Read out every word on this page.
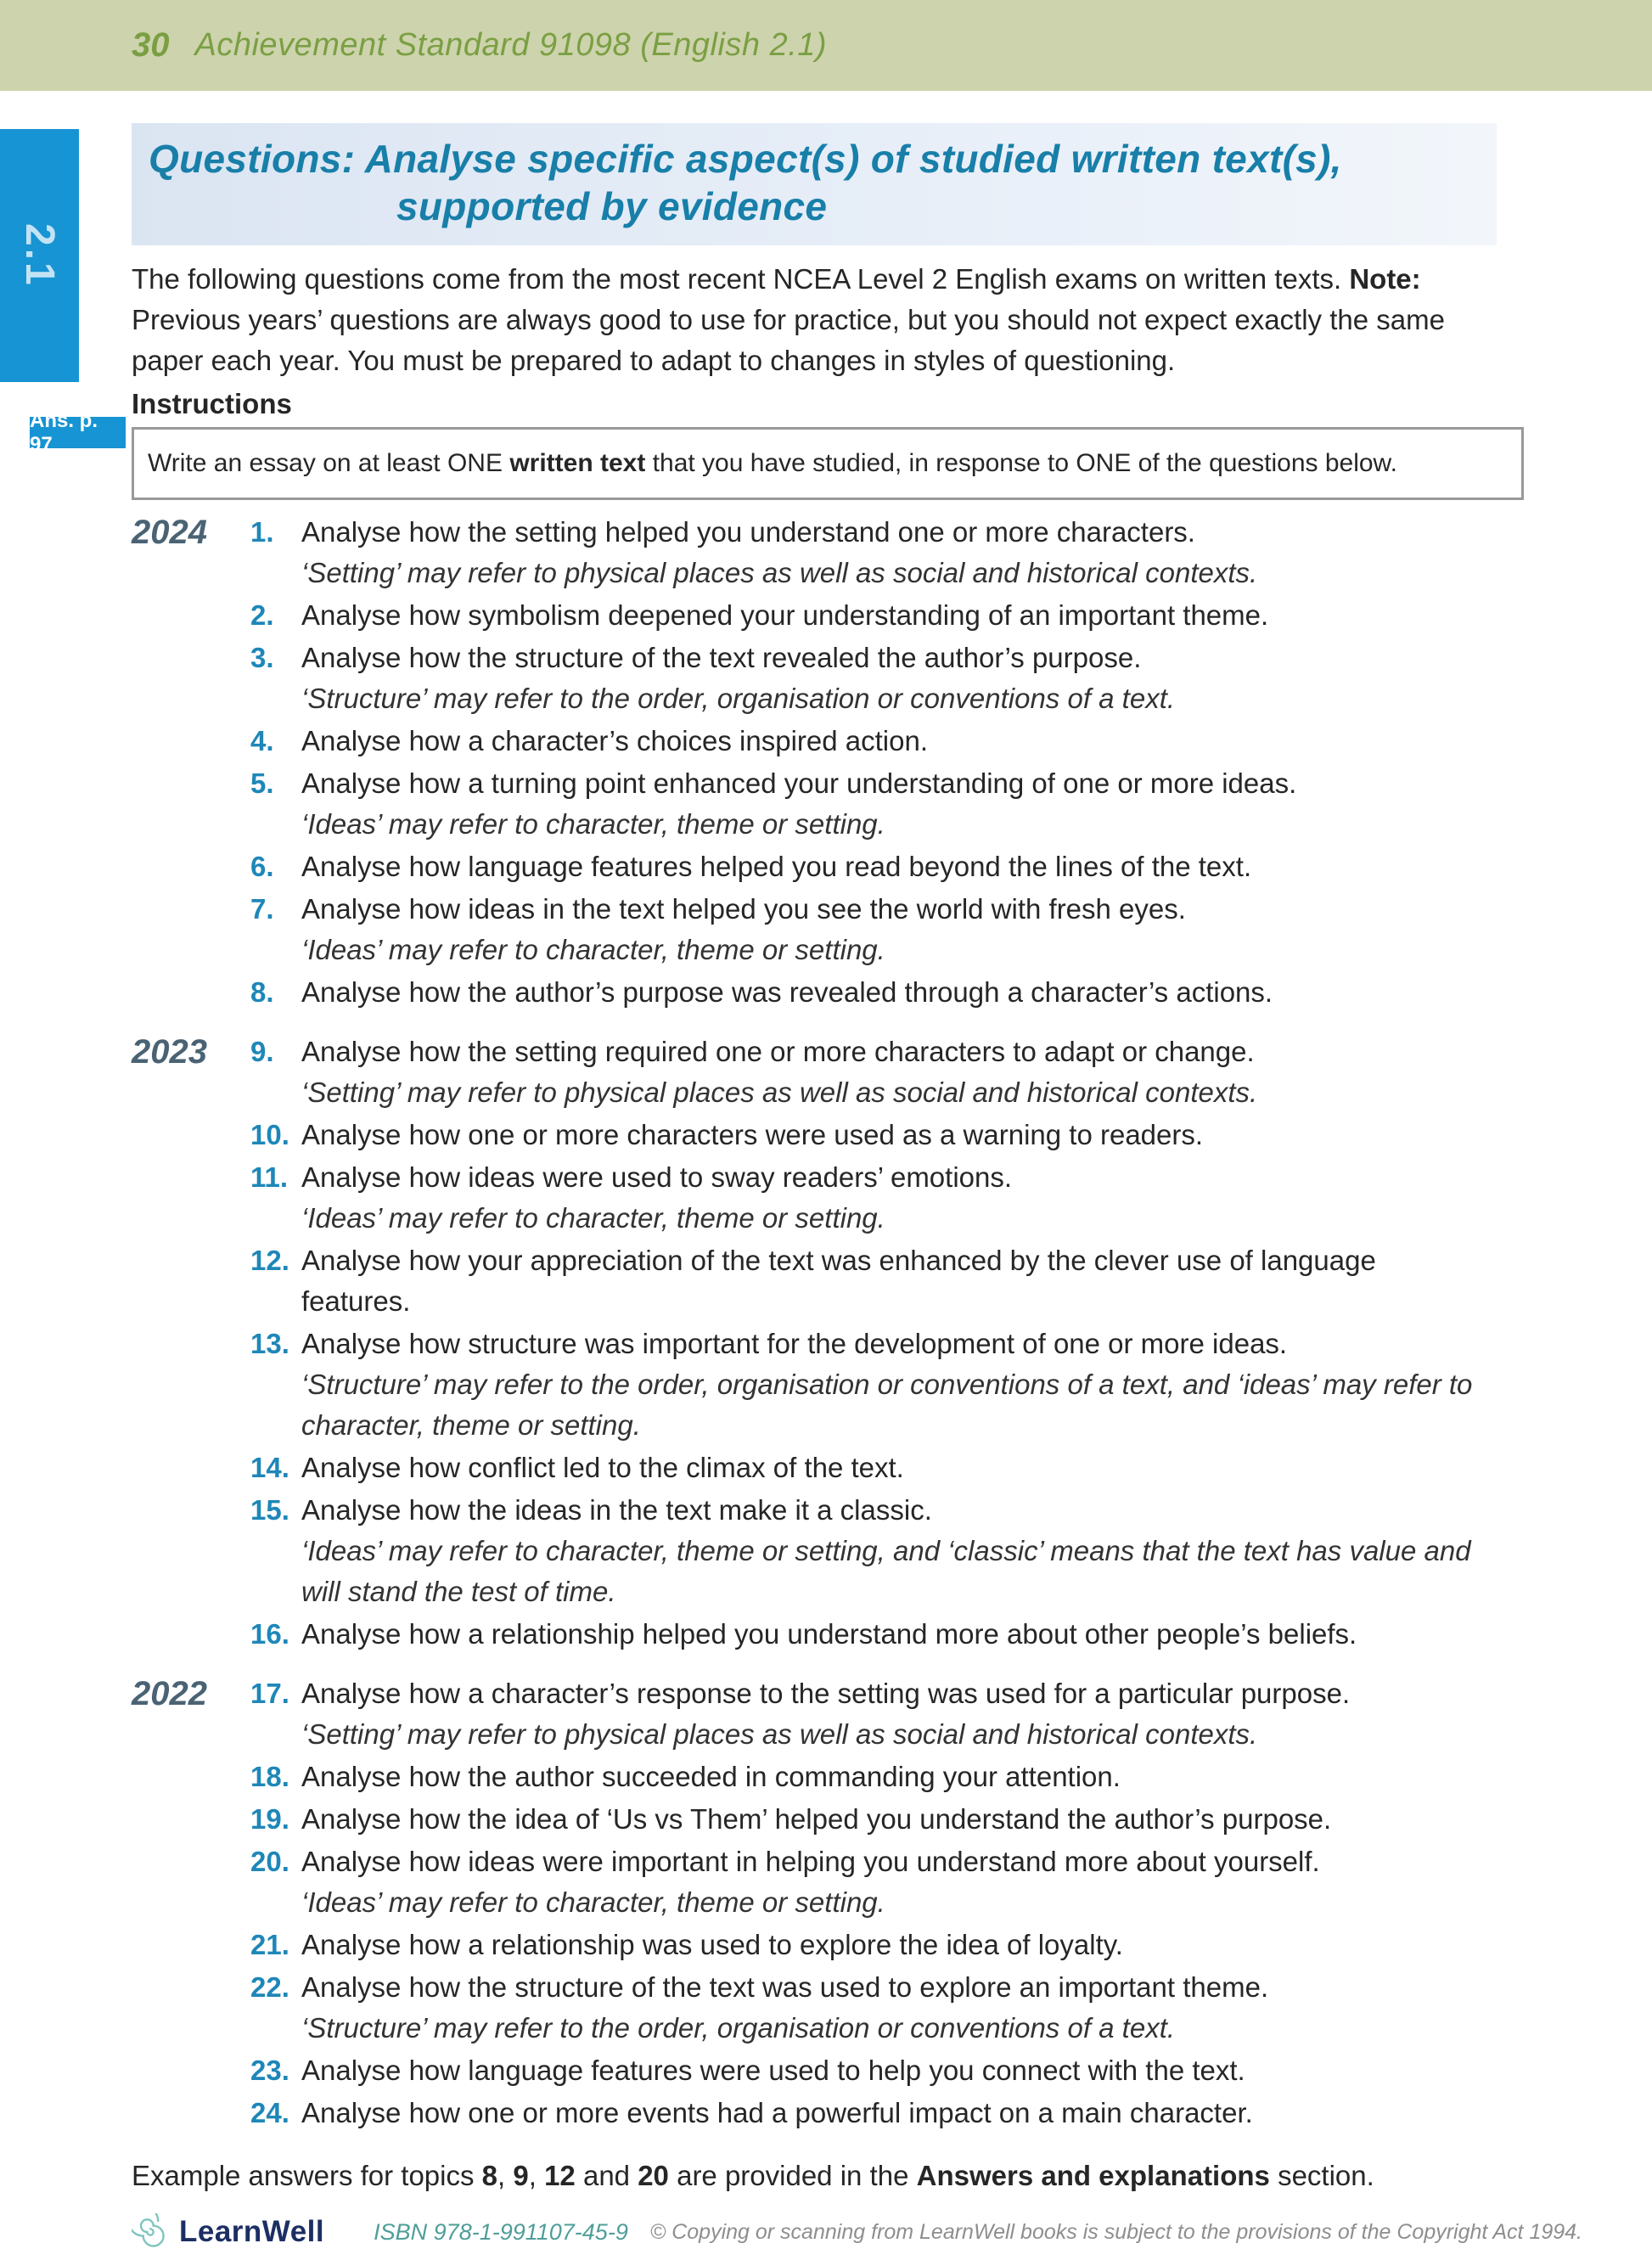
30 Achievement Standard 91098 (English 2.1)
2.1
Questions: Analyse specific aspect(s) of studied written text(s),
supported by evidence

The following questions come from the most recent NCEA Level 2 English exams on written texts. Note: Previous years’ questions are always good to use for practice, but you should not expect exactly the same paper each year. You must be prepared to adapt to changes in styles of questioning.

Instructions
Ans. p. 97
Write an essay on at least ONE written text that you have studied, in response to ONE of the questions below.
2024	1. Analyse how the setting helped you understand one or more characters.
‘Setting’ may refer to physical places as well as social and historical contexts.
2. Analyse how symbolism deepened your understanding of an important theme.
3. Analyse how the structure of the text revealed the author’s purpose.
‘Structure’ may refer to the order, organisation or conventions of a text.
4. Analyse how a character’s choices inspired action.
5. Analyse how a turning point enhanced your understanding of one or more ideas.
‘Ideas’ may refer to character, theme or setting.
6. Analyse how language features helped you read beyond the lines of the text.
7. Analyse how ideas in the text helped you see the world with fresh eyes.
‘Ideas’ may refer to character, theme or setting.
8. Analyse how the author’s purpose was revealed through a character’s actions.
2023	9. Analyse how the setting required one or more characters to adapt or change.
‘Setting’ may refer to physical places as well as social and historical contexts.
10. Analyse how one or more characters were used as a warning to readers.
11. Analyse how ideas were used to sway readers’ emotions.
‘Ideas’ may refer to character, theme or setting.
12. Analyse how your appreciation of the text was enhanced by the clever use of language features.
13. Analyse how structure was important for the development of one or more ideas.
‘Structure’ may refer to the order, organisation or conventions of a text, and ‘ideas’ may refer to character, theme or setting.
14. Analyse how conflict led to the climax of the text.
15. Analyse how the ideas in the text make it a classic.
‘Ideas’ may refer to character, theme or setting, and ‘classic’ means that the text has value and will stand the test of time.
16. Analyse how a relationship helped you understand more about other people’s beliefs.
2022	17. Analyse how a character’s response to the setting was used for a particular purpose.
‘Setting’ may refer to physical places as well as social and historical contexts.
18. Analyse how the author succeeded in commanding your attention.
19. Analyse how the idea of ‘Us vs Them’ helped you understand the author’s purpose.
20. Analyse how ideas were important in helping you understand more about yourself.
‘Ideas’ may refer to character, theme or setting.
21. Analyse how a relationship was used to explore the idea of loyalty.
22. Analyse how the structure of the text was used to explore an important theme.
‘Structure’ may refer to the order, organisation or conventions of a text.
23. Analyse how language features were used to help you connect with the text.
24. Analyse how one or more events had a powerful impact on a main character.

Example answers for topics 8, 9, 12 and 20 are provided in the Answers and explanations section.

LearnWell ISBN 978-1-991107-45-9 © Copying or scanning from LearnWell books is subject to the provisions of the Copyright Act 1994.
